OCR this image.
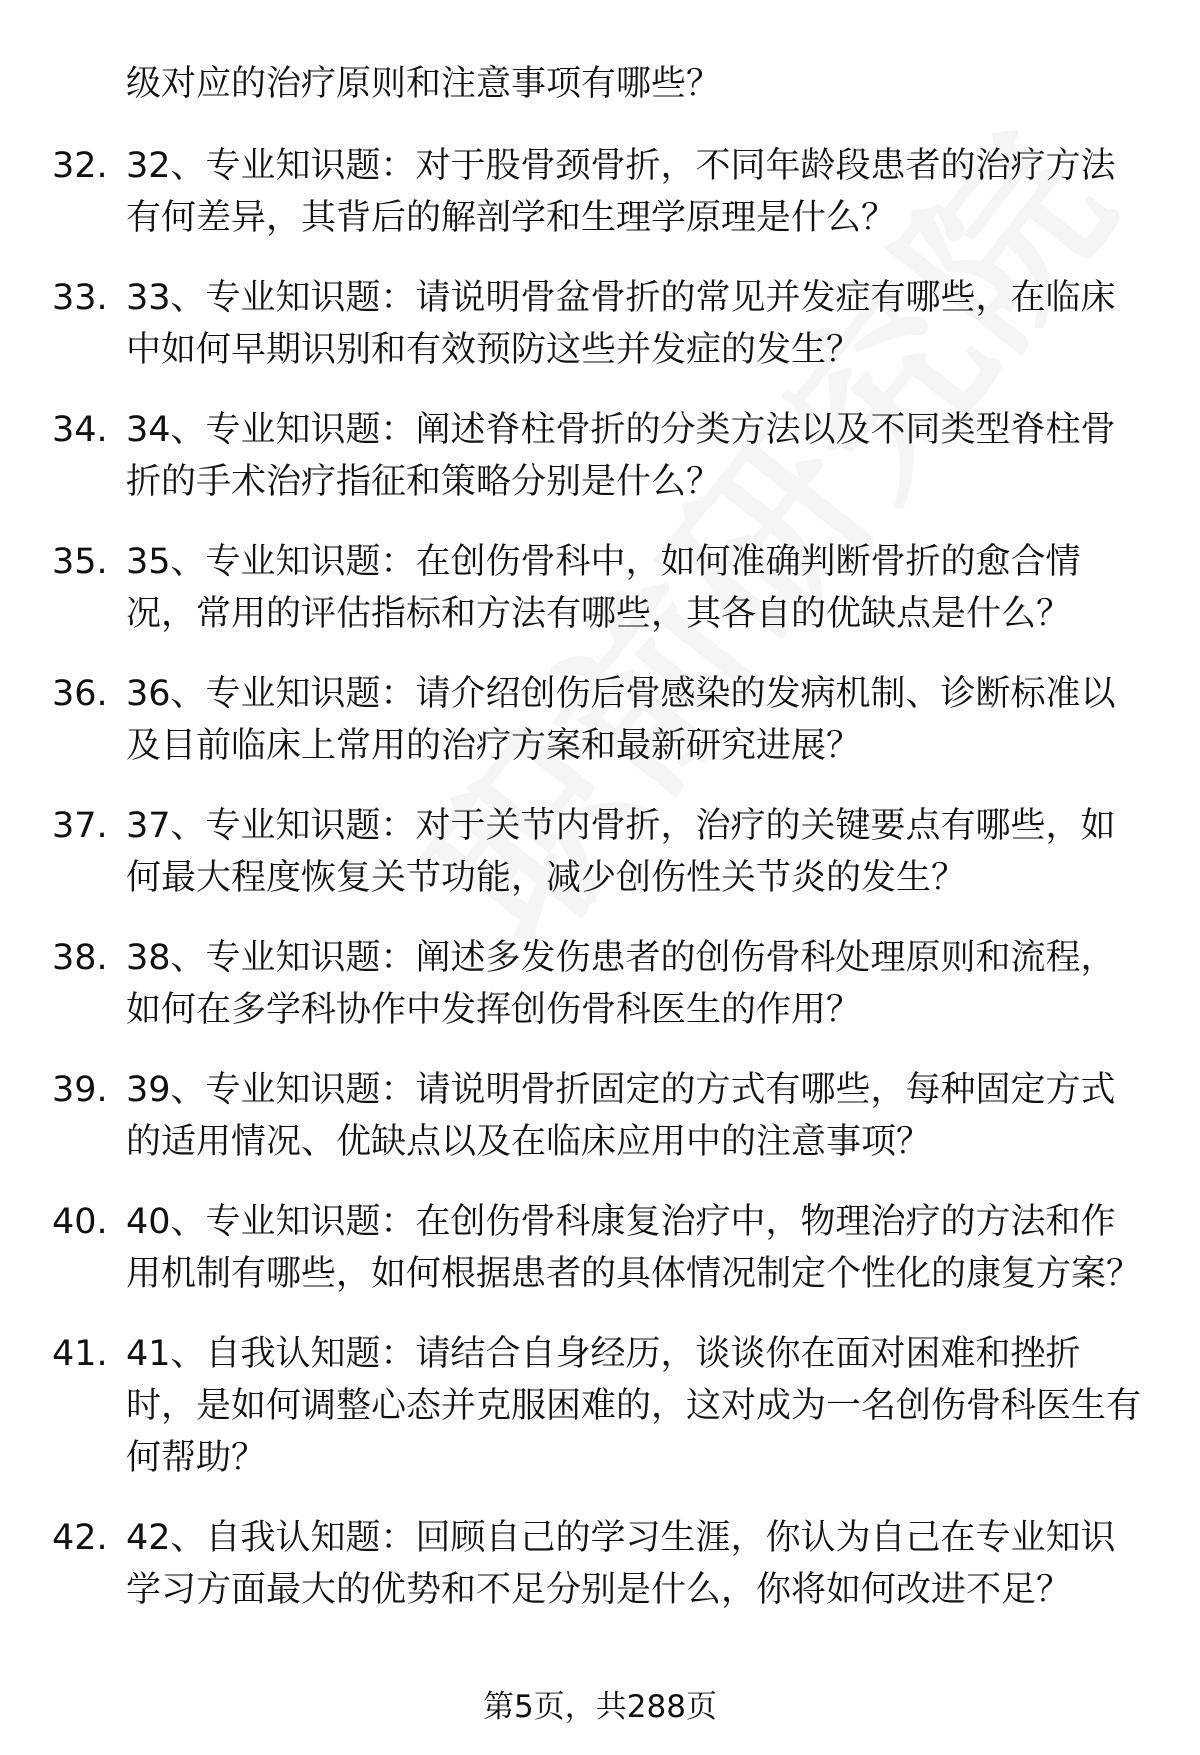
级对应的治疗原则和注意事项有哪些？
32. 32、专业知识题：对于股骨颈骨折，不同年龄段患者的治疗方法有何差异，其背后的解剖学和生理学原理是什么？
33. 33、专业知识题：请说明骨盆骨折的常见并发症有哪些，在临床中如何早期识别和有效预防这些并发症的发生？
34. 34、专业知识题：阐述脊柱骨折的分类方法以及不同类型脊柱骨折的手术治疗指征和策略分别是什么？
35. 35、专业知识题：在创伤骨科中，如何准确判断骨折的愈合情况，常用的评估指标和方法有哪些，其各自的优缺点是什么？
36. 36、专业知识题：请介绍创伤后骨感染的发病机制、诊断标准以及目前临床上常用的治疗方案和最新研究进展？
37. 37、专业知识题：对于关节内骨折，治疗的关键要点有哪些，如何最大程度恢复关节功能，减少创伤性关节炎的发生？
38. 38、专业知识题：阐述多发伤患者的创伤骨科处理原则和流程，如何在多学科协作中发挥创伤骨科医生的作用？
39. 39、专业知识题：请说明骨折固定的方式有哪些，每种固定方式的适用情况、优缺点以及在临床应用中的注意事项？
40. 40、专业知识题：在创伤骨科康复治疗中，物理治疗的方法和作用机制有哪些，如何根据患者的具体情况制定个性化的康复方案？
41. 41、自我认知题：请结合自身经历，谈谈你在面对困难和挫折时，是如何调整心态并克服困难的，这对成为一名创伤骨科医生有何帮助？
42. 42、自我认知题：回顾自己的学习生涯，你认为自己在专业知识学习方面最大的优势和不足分别是什么，你将如何改进不足？
第5页，共288页
